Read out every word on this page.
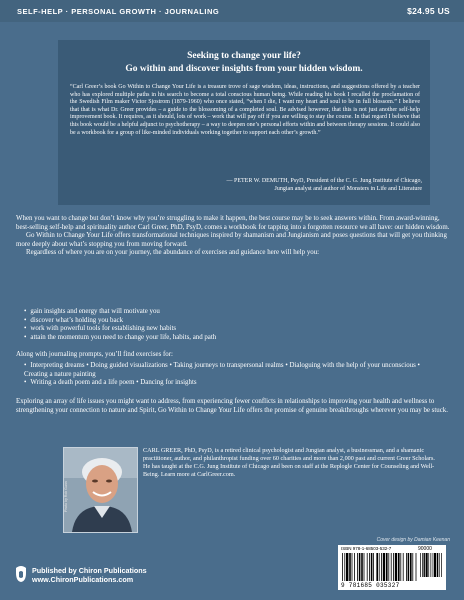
SELF-HELP · PERSONAL GROWTH · JOURNALING	$24.95 US
Seeking to change your life?
Go within and discover insights from your hidden wisdom.
“Carl Greer’s book Go Within to Change Your Life is a treasure trove of sage wisdom, ideas, instructions, and suggestions offered by a teacher who has explored multiple paths in his search to become a total conscious human being. While reading his book I recalled the proclamation of the Swedish Film maker Victor Sjostrom (1879-1960) who once stated, “when I die, I want my heart and soul to be in full blossom.” I believe that that is what Dr. Greer provides – a guide to the blossoming of a completed soul. Be advised however, that this is not just another self-help improvement book. It requires, as it should, lots of work – work that will pay off if you are willing to stay the course. In that regard I believe that this book would be a helpful adjunct to psychotherapy – a way to deepen one’s personal efforts within and between therapy sessions. It could also be a workbook for a group of like-minded individuals working together to support each other’s growth.”
— PETER W. DEMUTH, PsyD, President of the C. G. Jung Institute of Chicago,
Jungian analyst and author of Monsters in Life and Literature

When you want to change but don’t know why you’re struggling to make it happen, the best course may be to seek answers within. From award-winning, best-selling self-help and spirituality author Carl Greer, PhD, PsyD, comes a workbook for tapping into a forgotten resource we all have: our hidden wisdom.

Go Within to Change Your Life offers transformational techniques inspired by shamanism and Jungianism and poses questions that will get you thinking more deeply about what’s stopping you from moving forward.

Regardless of where you are on your journey, the abundance of exercises and guidance here will help you:

• gain insights and energy that will motivate you
• discover what’s holding you back
• work with powerful tools for establishing new habits
• attain the momentum you need to change your life, habits, and path
Along with journaling prompts, you’ll find exercises for:
• Interpreting dreams • Doing guided visualizations • Taking journeys to transpersonal realms • Dialoguing with the help of your unconscious • Creating a nature painting
• Writing a death poem and a life poem • Dancing for insights
Exploring an array of life issues you might want to address, from experiencing fewer conflicts in relationships to improving your health and wellness to strengthening your connection to nature and Spirit, Go Within to Change Your Life offers the promise of genuine breakthroughs wherever you may be stuck.
Photo by Rob Gunn
CARL GREER, PhD, PsyD, is a retired clinical psychologist and Jungian analyst, a businessman, and a shamanic practitioner, author, and philanthropist funding over 60 charities and more than 2,000 past and current Greer Scholars. He has taught at the C.G. Jung Institute of Chicago and been on staff at the Replogle Center for Counseling and Well-Being. Learn more at CarlGreer.com.
Cover design by Damian Keenan
ISBN 978-1-68503-532-7	90000
9 781685 035327
Published by Chiron Publications
www.ChironPublications.com
